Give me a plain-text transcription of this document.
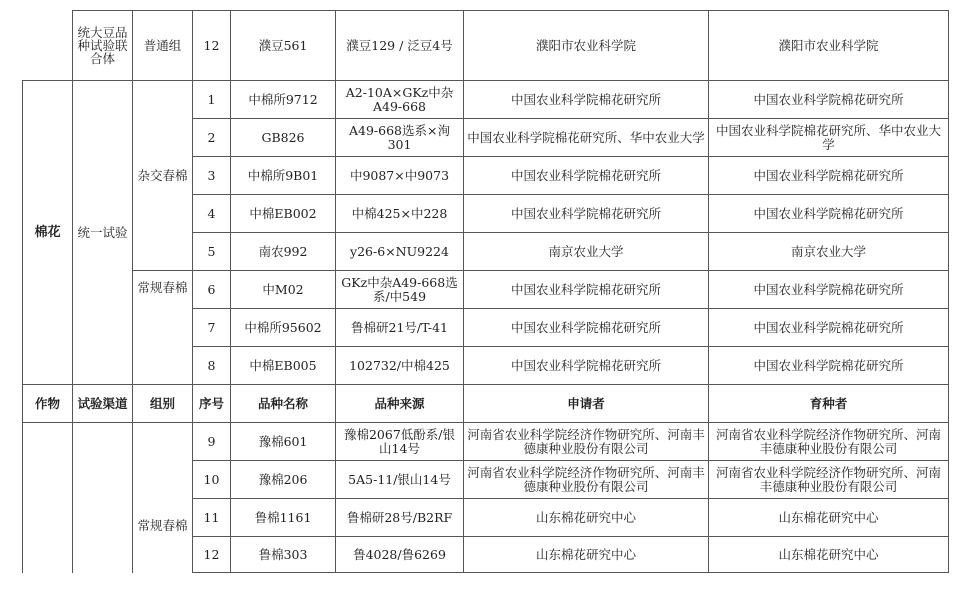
	统大豆品种试验联合体	普通组	12	濮豆561	濮豆129 / 泛豆4号	濮阳市农业科学院	濮阳市农业科学院
棉花	统一试验	杂交春棉	1	中棉所9712	A2-10A×GKz中杂A49-668	中国农业科学院棉花研究所	中国农业科学院棉花研究所
			2	GB826	A49-668选系×洵301	中国农业科学院棉花研究所、华中农业大学	中国农业科学院棉花研究所、华中农业大学
			3	中棉所9B01	中9087×中9073	中国农业科学院棉花研究所	中国农业科学院棉花研究所
			4	中棉EB002	中棉425×中228	中国农业科学院棉花研究所	中国农业科学院棉花研究所
			5	南农992	y26-6×NU9224	南京农业大学	南京农业大学
		常规春棉	6	中M02	GKz中杂A49-668选系/中549	中国农业科学院棉花研究所	中国农业科学院棉花研究所
			7	中棉所95602	鲁棉研21号/T-41	中国农业科学院棉花研究所	中国农业科学院棉花研究所
			8	中棉EB005	102732/中棉425	中国农业科学院棉花研究所	中国农业科学院棉花研究所
作物	试验渠道	组别	序号	品种名称	品种来源	申请者	育种者
		常规春棉	9	豫棉601	豫棉2067低酚系/银山14号	河南省农业科学院经济作物研究所、河南丰德康种业股份有限公司	河南省农业科学院经济作物研究所、河南丰德康种业股份有限公司
			10	豫棉206	5A5-11/银山14号	河南省农业科学院经济作物研究所、河南丰德康种业股份有限公司	河南省农业科学院经济作物研究所、河南丰德康种业股份有限公司
			11	鲁棉1161	鲁棉研28号/B2RF	山东棉花研究中心	山东棉花研究中心
			12	鲁棉303	鲁4028/鲁6269	山东棉花研究中心	山东棉花研究中心
